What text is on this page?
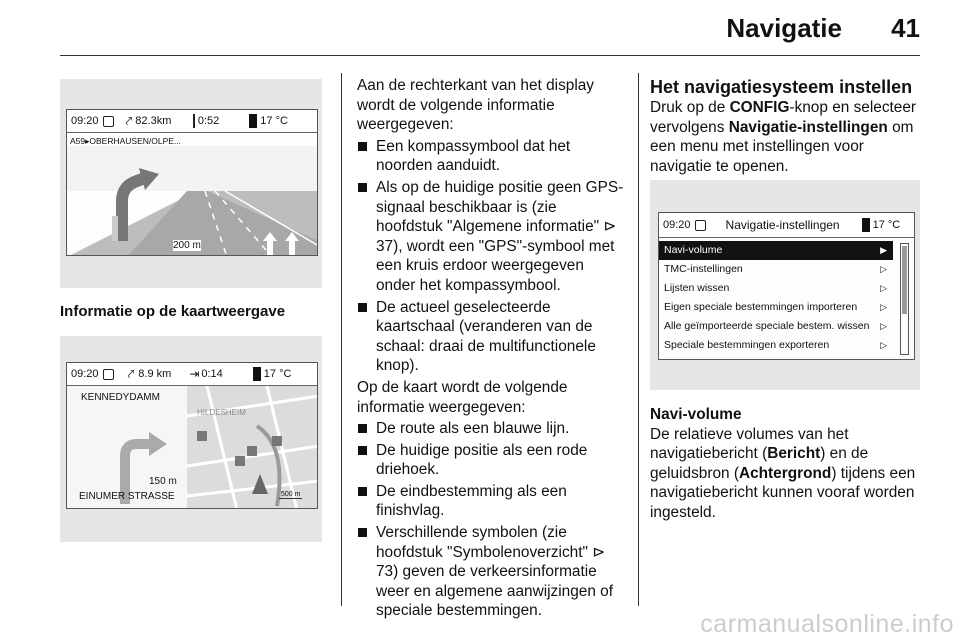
Navigatie 41
09:20 ⤤ 82.3km 0:52	17 °C
A59▸OBERHAUSEN/OLPE...
200 m
Informatie op de kaartweergave
09:20 ⤤ 8.9 km ⇥ 0:14	17 °C
KENNEDYDAMM
HILDESHEIM
150 m
EINUMER STRASSE	500 m

Aan de rechterkant van het display wordt de volgende informatie weergegeven:

Een kompassymbool dat het noorden aanduidt.
Als op de huidige positie geen GPS-signaal beschikbaar is (zie hoofdstuk "Algemene informatie" ⊳ 37), wordt een "GPS"-symbool met een kruis erdoor weergegeven onder het kompassymbool.
De actueel geselecteerde kaartschaal (veranderen van de schaal: draai de multifunctionele knop).

Op de kaart wordt de volgende informatie weergegeven:

De route als een blauwe lijn.
De huidige positie als een rode driehoek.
De eindbestemming als een finishvlag.
Verschillende symbolen (zie hoofdstuk "Symbolenoverzicht" ⊳ 73) geven de verkeersinformatie weer en algemene aanwijzingen of speciale bestemmingen.
Het navigatiesysteem instellen

Druk op de CONFIG-knop en selecteer vervolgens Navigatie-instellingen om een menu met instellingen voor navigatie te openen.

09:20	Navigatie-instellingen	17 °C
Navi-volume	▶
TMC-instellingen	▷
Lijsten wissen	▷
Eigen speciale bestemmingen importeren	▷
Alle geïmporteerde speciale bestem. wissen ▷
Speciale bestemmingen exporteren	▷

Navi-volume

De relatieve volumes van het navigatiebericht (Bericht) en de geluidsbron (Achtergrond) tijdens een navigatiebericht kunnen vooraf worden ingesteld.

carmanualsonline.info
